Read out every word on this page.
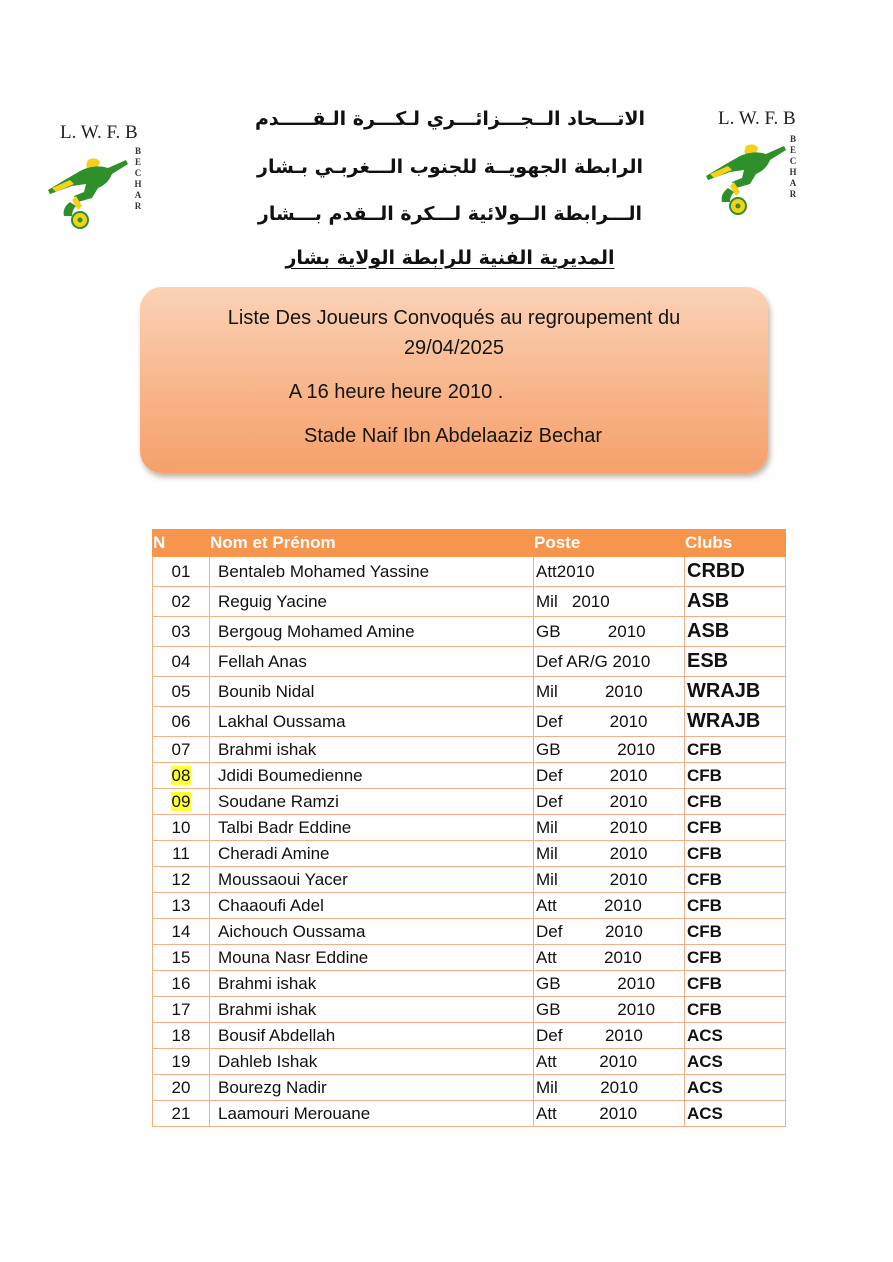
L. W. F. B
B
E
C
H
A
R
L. W. F. B
B
E
C
H
A
R
الاتـــحاد الــجـــزائـــري لـكـــرة الـقـــــدم
الرابطة الجهويــة للجنوب الـــغربـي بـشار
الـــرابطة الــولائية لـــكرة الــقدم بـــشار
المديرية الفنية للرابطة الولاية بشار
Liste Des Joueurs Convoqués au regroupement du
29/04/2025
A 16 heure heure 2010 .
Stade Naif Ibn Abdelaaziz Bechar
N	Nom et Prénom	Poste	Clubs
01	Bentaleb Mohamed Yassine	Att2010	CRBD
02	Reguig Yacine	Mil   2010	ASB
03	Bergoug Mohamed Amine	GB          2010	ASB
04	Fellah Anas	Def AR/G 2010	ESB
05	Bounib Nidal	Mil          2010	WRAJB
06	Lakhal Oussama	Def          2010	WRAJB
07	Brahmi ishak	GB            2010	CFB
08	Jdidi Boumedienne	Def          2010	CFB
09	Soudane Ramzi	Def          2010	CFB
10	Talbi Badr Eddine	Mil           2010	CFB
11	Cheradi Amine	Mil           2010	CFB
12	Moussaoui Yacer	Mil           2010	CFB
13	Chaaoufi Adel	Att          2010	CFB
14	Aichouch Oussama	Def         2010	CFB
15	Mouna Nasr Eddine	Att          2010	CFB
16	Brahmi ishak	GB            2010	CFB
17	Brahmi ishak	GB            2010	CFB
18	Bousif Abdellah	Def         2010	ACS
19	Dahleb Ishak	Att         2010	ACS
20	Bourezg Nadir	Mil         2010	ACS
21	Laamouri Merouane	Att         2010	ACS
